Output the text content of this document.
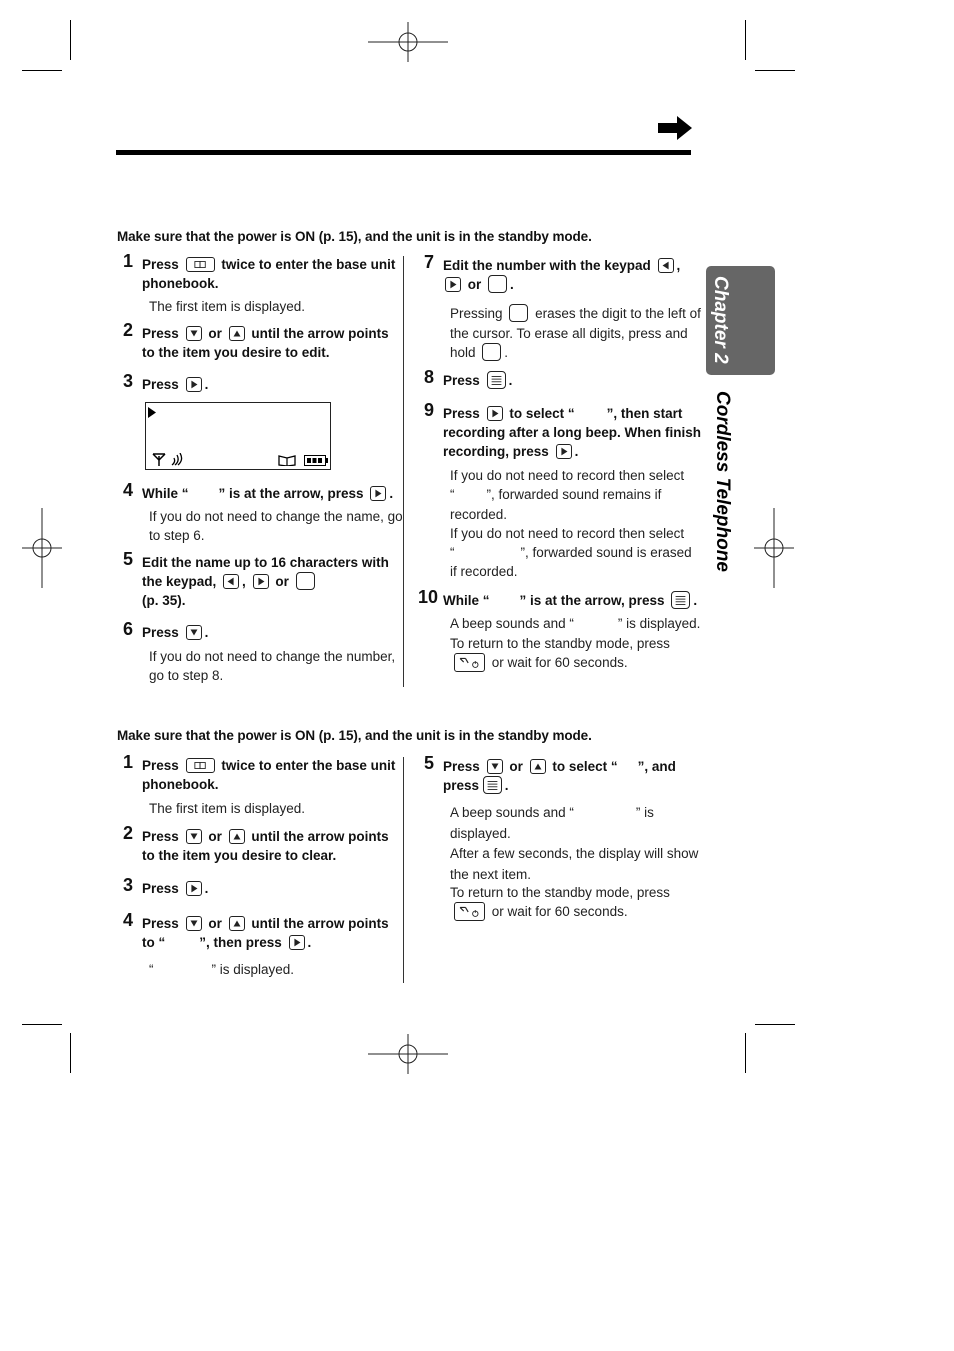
Chapter 2
Cordless Telephone
Make sure that the power is ON (p. 15), and the unit is in the standby mode.
1 Press	twice to enter the base unit
phonebook.
The first item is displayed.
2 Press or until the arrow points
to the item you desire to edit.
3 Press .
4 While “ ” is at the arrow, press .
If you do not need to change the name, go
to step 6.
5 Edit the name up to 16 characters with
the keypad, , or
(p. 35).
6 Press .
If you do not need to change the number,
go to step 8.
7 Edit the number with the keypad ,

or .
Pressing erases the digit to the left of
the cursor. To erase all digits, press and
hold .
8 Press .
9 Press to select “ ”, then start
recording after a long beep. When finish
recording, press .
If you do not need to record then select
“ ”, forwarded sound remains if
recorded.
If you do not need to record then select
“	”, forwarded sound is erased
if recorded.
10 While “ ” is at the arrow, press .
A beep sounds and “	” is displayed.
To return to the standby mode, press
or wait for 60 seconds.
Make sure that the power is ON (p. 15), and the unit is in the standby mode.
1 Press	twice to enter the base unit
phonebook.
The first item is displayed.
2 Press or until the arrow points
to the item you desire to clear.
3 Press .
4 Press or until the arrow points
to “	”, then press .
“	” is displayed.
5 Press or to select “ ”, and
press .
A beep sounds and “	” is
displayed.
After a few seconds, the display will show
the next item.
To return to the standby mode, press
or wait for 60 seconds.
